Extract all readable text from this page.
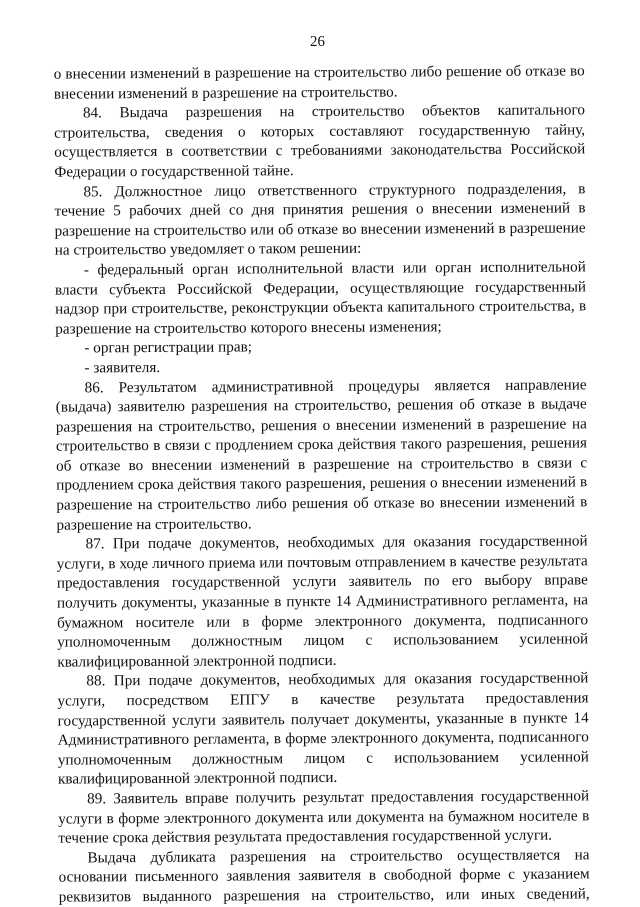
26

о внесении изменений в разрешение на строительство либо решение об отказе во внесении изменений в разрешение на строительство.

84. Выдача разрешения на строительство объектов капитального строительства, сведения о которых составляют государственную тайну, осуществляется в соответствии с требованиями законодательства Российской Федерации о государственной тайне.

85. Должностное лицо ответственного структурного подразделения, в течение 5 рабочих дней со дня принятия решения о внесении изменений в разрешение на строительство или об отказе во внесении изменений в разрешение на строительство уведомляет о таком решении:

- федеральный орган исполнительной власти или орган исполнительной власти субъекта Российской Федерации, осуществляющие государственный надзор при строительстве, реконструкции объекта капитального строительства, в разрешение на строительство которого внесены изменения;

- орган регистрации прав;

- заявителя.

86. Результатом административной процедуры является направление (выдача) заявителю разрешения на строительство, решения об отказе в выдаче разрешения на строительство, решения о внесении изменений в разрешение на строительство в связи с продлением срока действия такого разрешения, решения об отказе во внесении изменений в разрешение на строительство в связи с продлением срока действия такого разрешения, решения о внесении изменений в разрешение на строительство либо решения об отказе во внесении изменений в разрешение на строительство.

87. При подаче документов, необходимых для оказания государственной услуги, в ходе личного приема или почтовым отправлением в качестве результата предоставления государственной услуги заявитель по его выбору вправе получить документы, указанные в пункте 14 Административного регламента, на бумажном носителе или в форме электронного документа, подписанного уполномоченным должностным лицом с использованием усиленной квалифицированной электронной подписи.

88. При подаче документов, необходимых для оказания государственной услуги, посредством ЕПГУ в качестве результата предоставления государственной услуги заявитель получает документы, указанные в пункте 14 Административного регламента, в форме электронного документа, подписанного уполномоченным должностным лицом с использованием усиленной квалифицированной электронной подписи.

89. Заявитель вправе получить результат предоставления государственной услуги в форме электронного документа или документа на бумажном носителе в течение срока действия результата предоставления государственной услуги.

Выдача дубликата разрешения на строительство осуществляется на основании письменного заявления заявителя в свободной форме с указанием реквизитов выданного разрешения на строительство, или иных сведений,
